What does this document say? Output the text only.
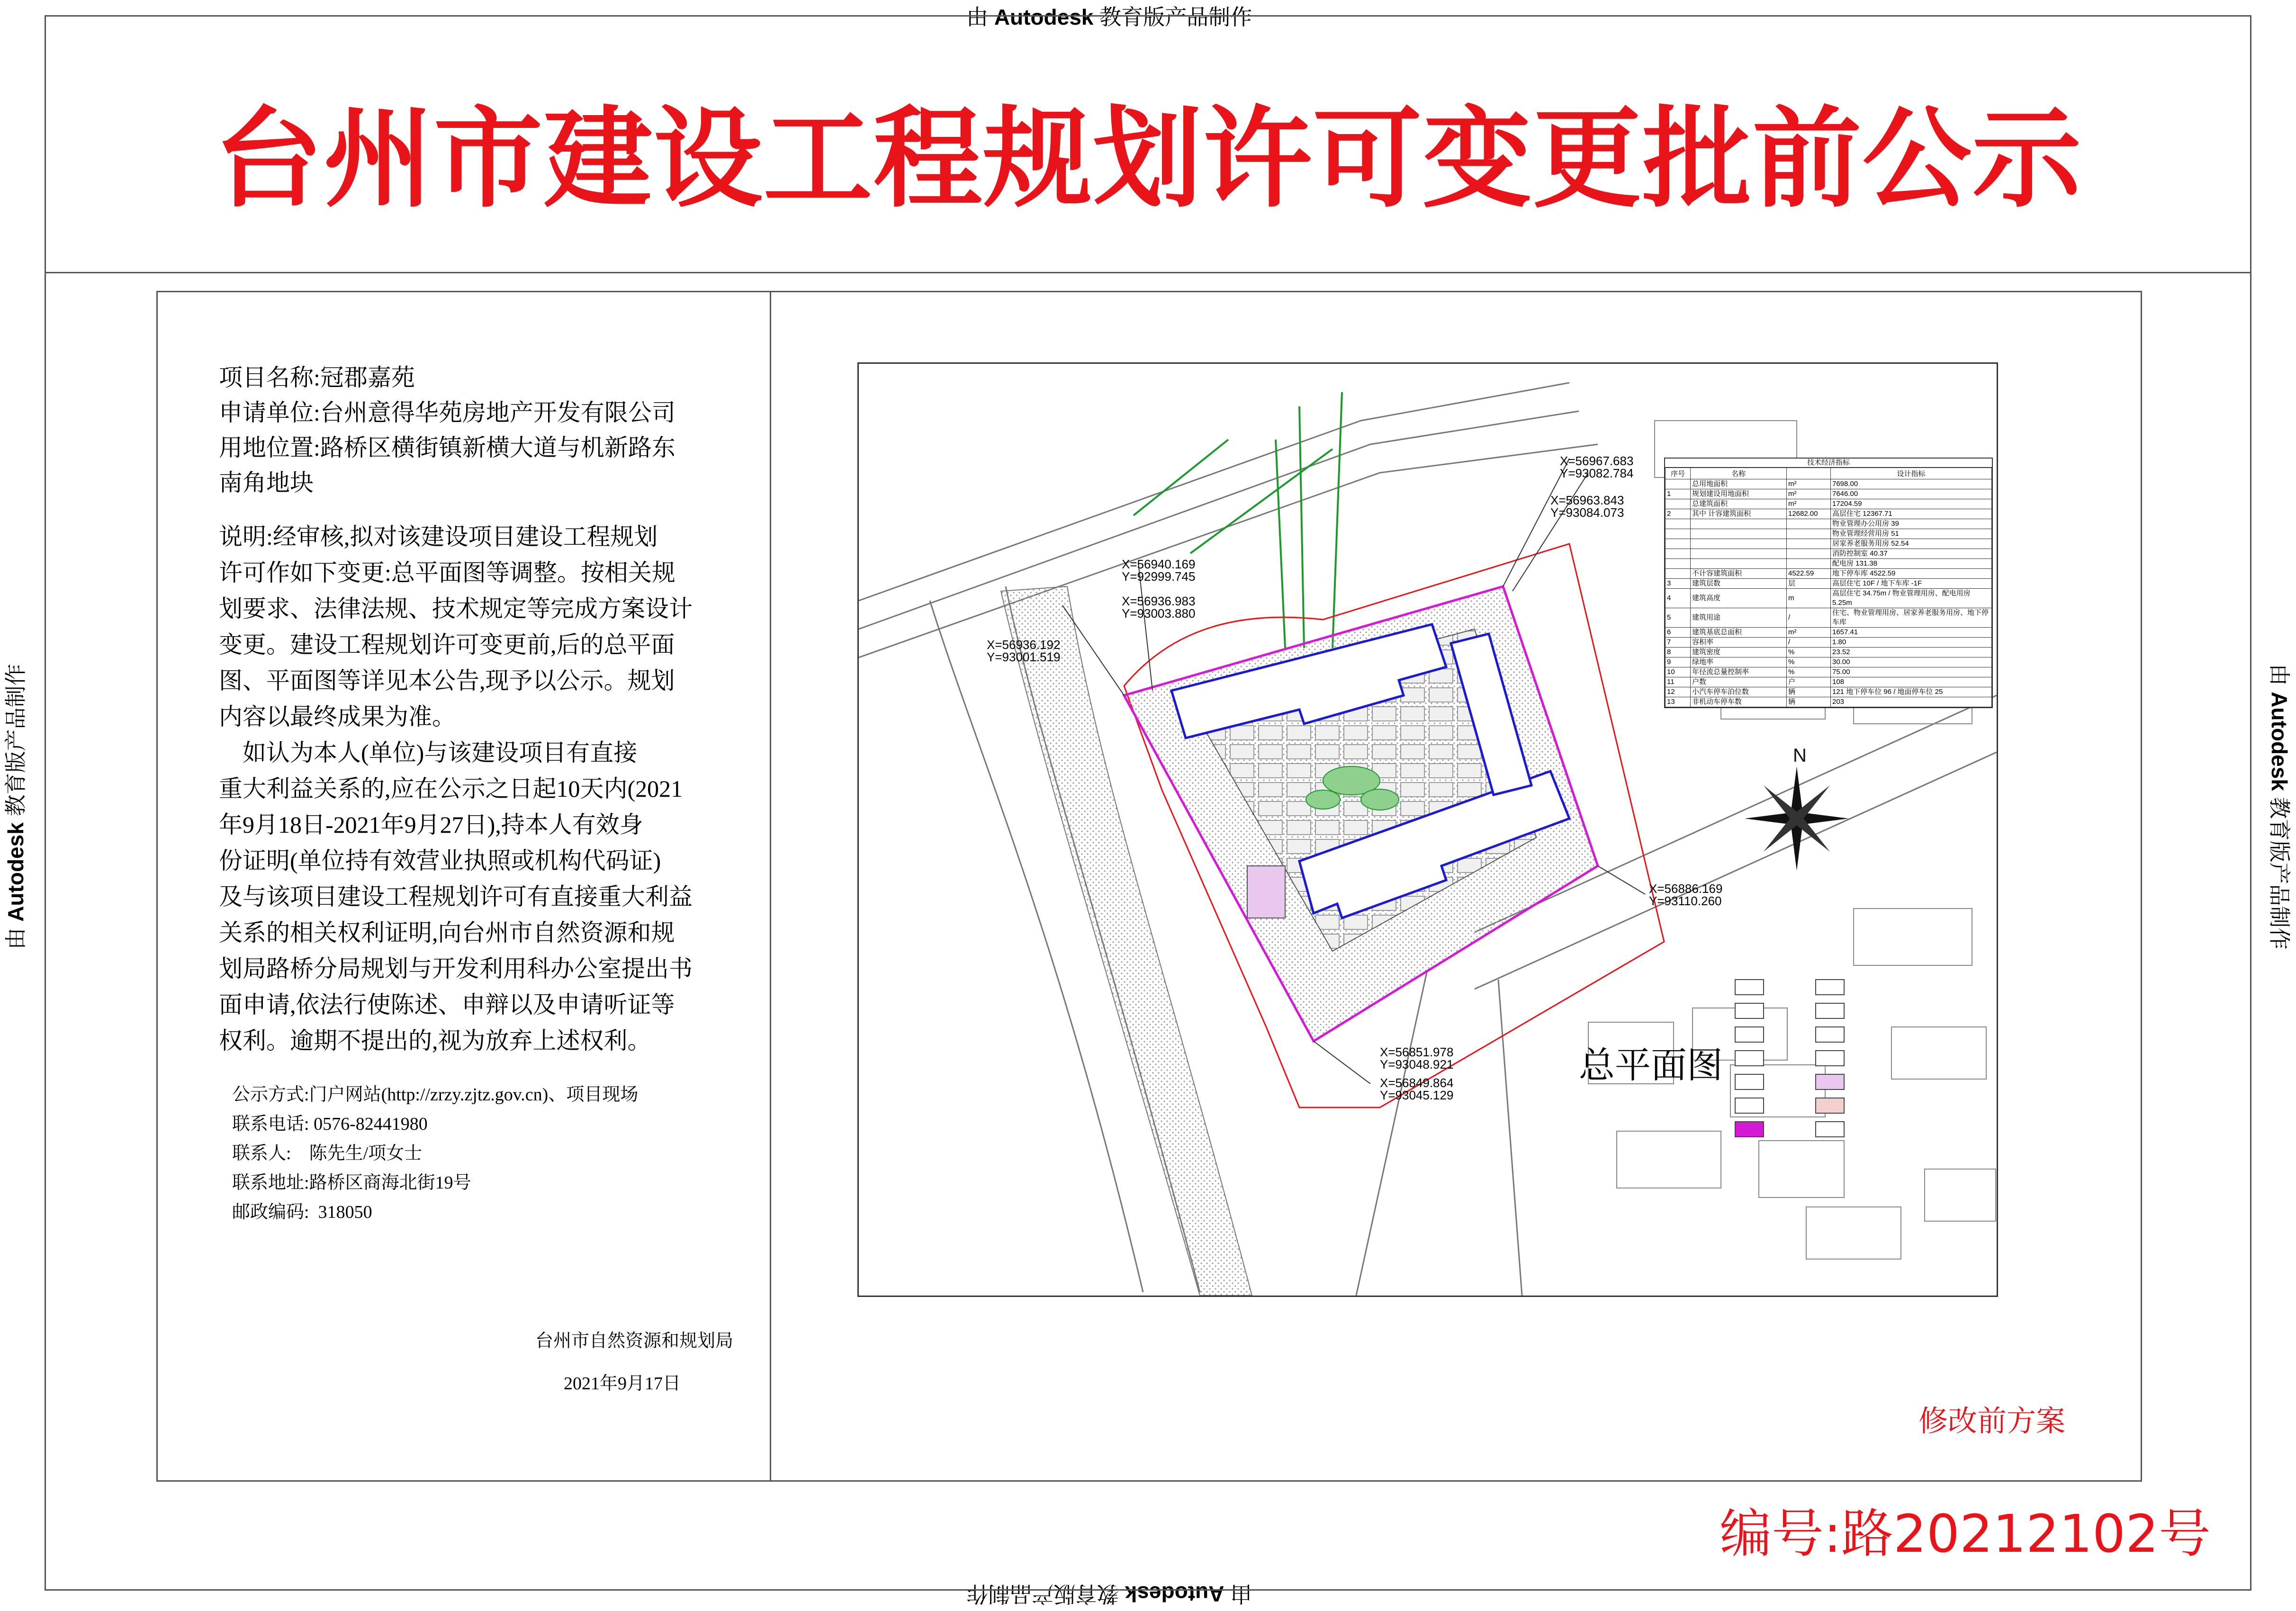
由 Autodesk 教育版产品制作
由 Autodesk 教育版产品制作
由 Autodesk 教育版产品制作	由 Autodesk 教育版产品制作
台州市建设工程规划许可变更批前公示
项目名称:冠郡嘉苑
申请单位:台州意得华苑房地产开发有限公司
用地位置:路桥区横街镇新横大道与机新路东
南角地块
说明:经审核,拟对该建设项目建设工程规划
许可作如下变更:总平面图等调整。按相关规
划要求、法律法规、技术规定等完成方案设计
变更。建设工程规划许可变更前,后的总平面
图、平面图等详见本公告,现予以公示。规划
内容以最终成果为准。
如认为本人(单位)与该建设项目有直接
重大利益关系的,应在公示之日起10天内(2021
年9月18日-2021年9月27日),持本人有效身
份证明(单位持有效营业执照或机构代码证)
及与该项目建设工程规划许可有直接重大利益
关系的相关权利证明,向台州市自然资源和规
划局路桥分局规划与开发利用科办公室提出书
面申请,依法行使陈述、申辩以及申请听证等
权利。逾期不提出的,视为放弃上述权利。
公示方式:门户网站(http://zrzy.zjtz.gov.cn)、项目现场
联系电话: 0576-82441980
联系人: 陈先生/项女士
联系地址:路桥区商海北街19号
邮政编码: 318050
台州市自然资源和规划局
2021年9月17日
N
X=56967.683
Y=93082.784
X=56963.843
Y=93084.073
X=56940.169
Y=92999.745
X=56936.983
Y=93003.880
X=56936.192
Y=93001.519
X=56886.169
Y=93110.260
X=56851.978
Y=93048.921
X=56849.864
Y=93045.129
技术经济指标
序号	名称		设计指标
	总用地面积	m²	7698.00
1	规划建设用地面积	m²	7646.00
	总建筑面积	m²	17204.59
2	其中 计容建筑面积	12682.00	高层住宅 12367.71
			物业管理办公用房 39
			物业管理经营用房 51
			居家养老服务用房 52.54
			消防控制室 40.37
			配电房 131.38
	不计容建筑面积	4522.59	地下停车库 4522.59
3	建筑层数	层	高层住宅 10F / 地下车库 -1F
4	建筑高度	m	高层住宅 34.75m / 物业管理用房、配电用房 5.25m
5	建筑用途	/	住宅、物业管理用房、居家养老服务用房、地下停车库
6	建筑基底总面积	m²	1657.41
7	容积率	/	1.80
8	建筑密度	%	23.52
9	绿地率	%	30.00
10	年径流总量控制率	%	75.00
11	户数	户	108
12	小汽车停车泊位数	辆	121 地下停车位 96 / 地面停车位 25
13	非机动车停车数	辆	203
总平面图
修改前方案
编号:路20212102号
